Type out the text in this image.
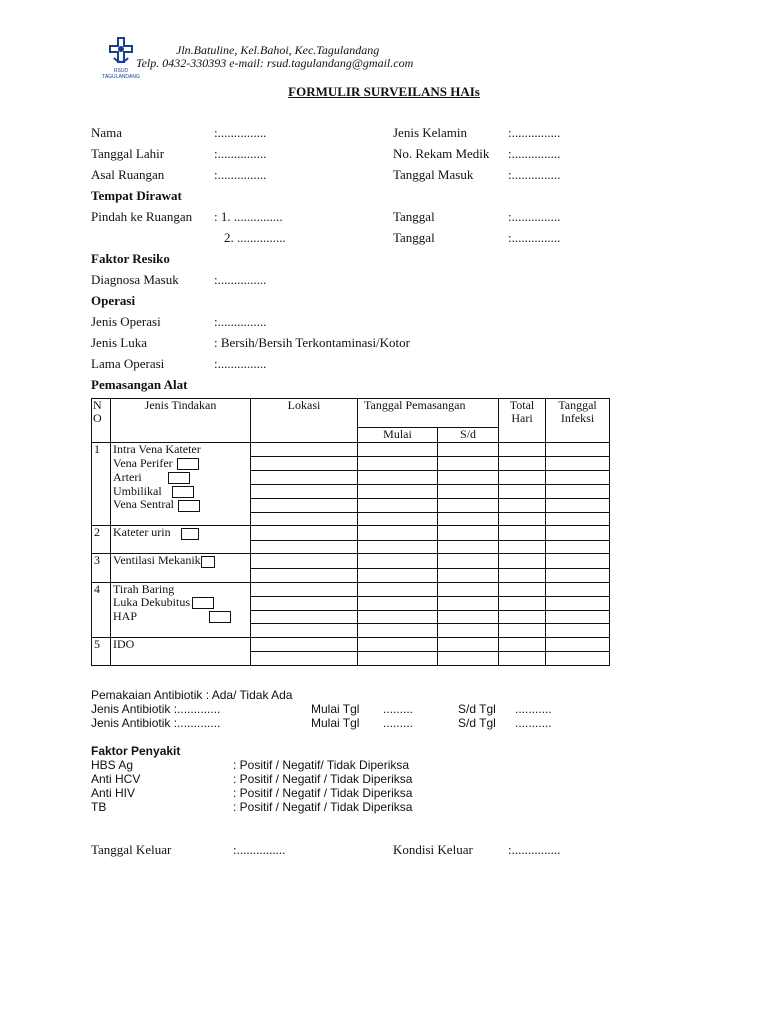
RSUD
TAGULANDANG
Jln.Batuline, Kel.Bahoi, Kec.Tagulandang
Telp. 0432-330393 e-mail: rsud.tagulandang@gmail.com
FORMULIR SURVEILANS HAIs
Nama	:...............	Jenis Kelamin	:...............
Tanggal Lahir	:...............	No. Rekam Medik :...............
Asal Ruangan	:...............	Tanggal Masuk	:...............
Tempat Dirawat
Pindah ke Ruangan : 1. ...............	Tanggal	:...............
2. ...............	Tanggal	:...............
Faktor Resiko
Diagnosa Masuk	:...............
Operasi
Jenis Operasi	:...............
Jenis Luka	: Bersih/Bersih Terkontaminasi/Kotor
Lama Operasi	:...............
Pemasangan Alat
NO	Jenis Tindakan	Lokasi	Tanggal Pemasangan		Total Hari	Tanggal Infeksi
			Mulai	S/d		
1	Intra Vena Kateter					
	Vena Perifer					
	Arteri					
	Umbilikal					
	Vena Sentral					

2	Kateter urin					

3	Ventilasi Mekanik					

4	Tirah Baring					
	Luka Dekubitus					
	HAP					

5	IDO					

Pemakaian Antibiotik : Ada/ Tidak Ada
Jenis Antibiotik :.............	Mulai Tgl .........	S/d Tgl ...........
Jenis Antibiotik :.............	Mulai Tgl .........	S/d Tgl ...........
Faktor Penyakit
HBS Ag	: Positif / Negatif/ Tidak Diperiksa
Anti HCV	: Positif / Negatif / Tidak Diperiksa
Anti HIV	: Positif / Negatif / Tidak Diperiksa
TB	: Positif / Negatif / Tidak Diperiksa
Tanggal Keluar	:...............	Kondisi Keluar	:...............
